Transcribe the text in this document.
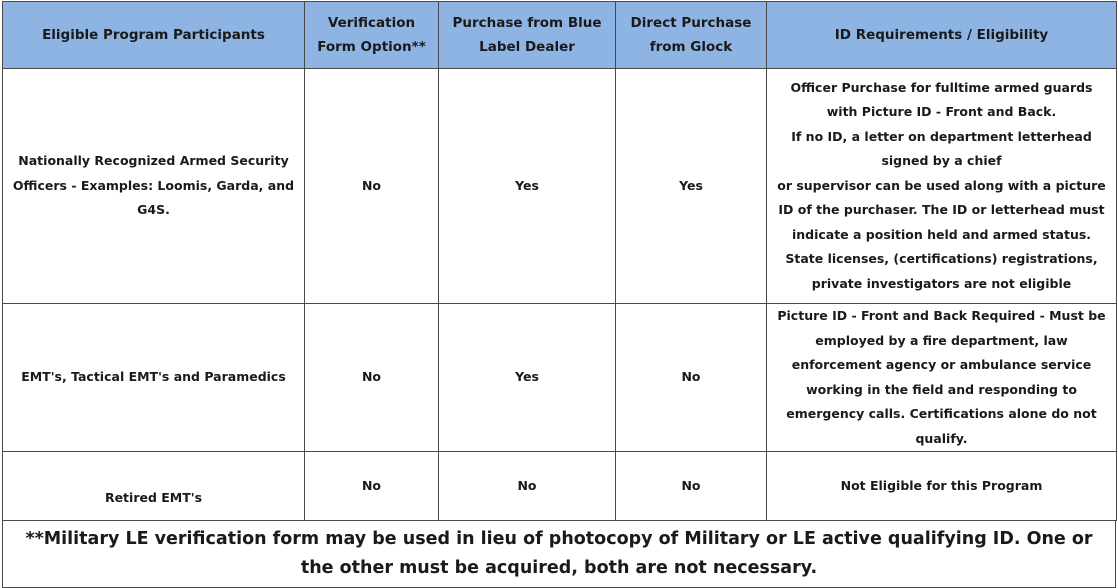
Eligible Program Participants	Verification Form Option**	Purchase from Blue Label Dealer	Direct Purchase from Glock	ID Requirements / Eligibility
Nationally Recognized Armed Security Officers - Examples: Loomis, Garda, and G4S.	No	Yes	Yes	Officer Purchase for fulltime armed guards with Picture ID - Front and Back.
If no ID, a letter on department letterhead signed by a chief
or supervisor can be used along with a picture ID of the purchaser. The ID or letterhead must indicate a position held and armed status.
State licenses, (certifications) registrations, private investigators are not eligible

EMT's, Tactical EMT's and Paramedics	No	Yes	No	Picture ID - Front and Back Required - Must be employed by a fire department, law enforcement agency or ambulance service working in the field and responding to emergency calls. Certifications alone do not qualify.

Retired EMT's	No	No	No	Not Eligible for this Program
**Military LE verification form may be used in lieu of photocopy of Military or LE active qualifying ID. One or the other must be acquired, both are not necessary.
